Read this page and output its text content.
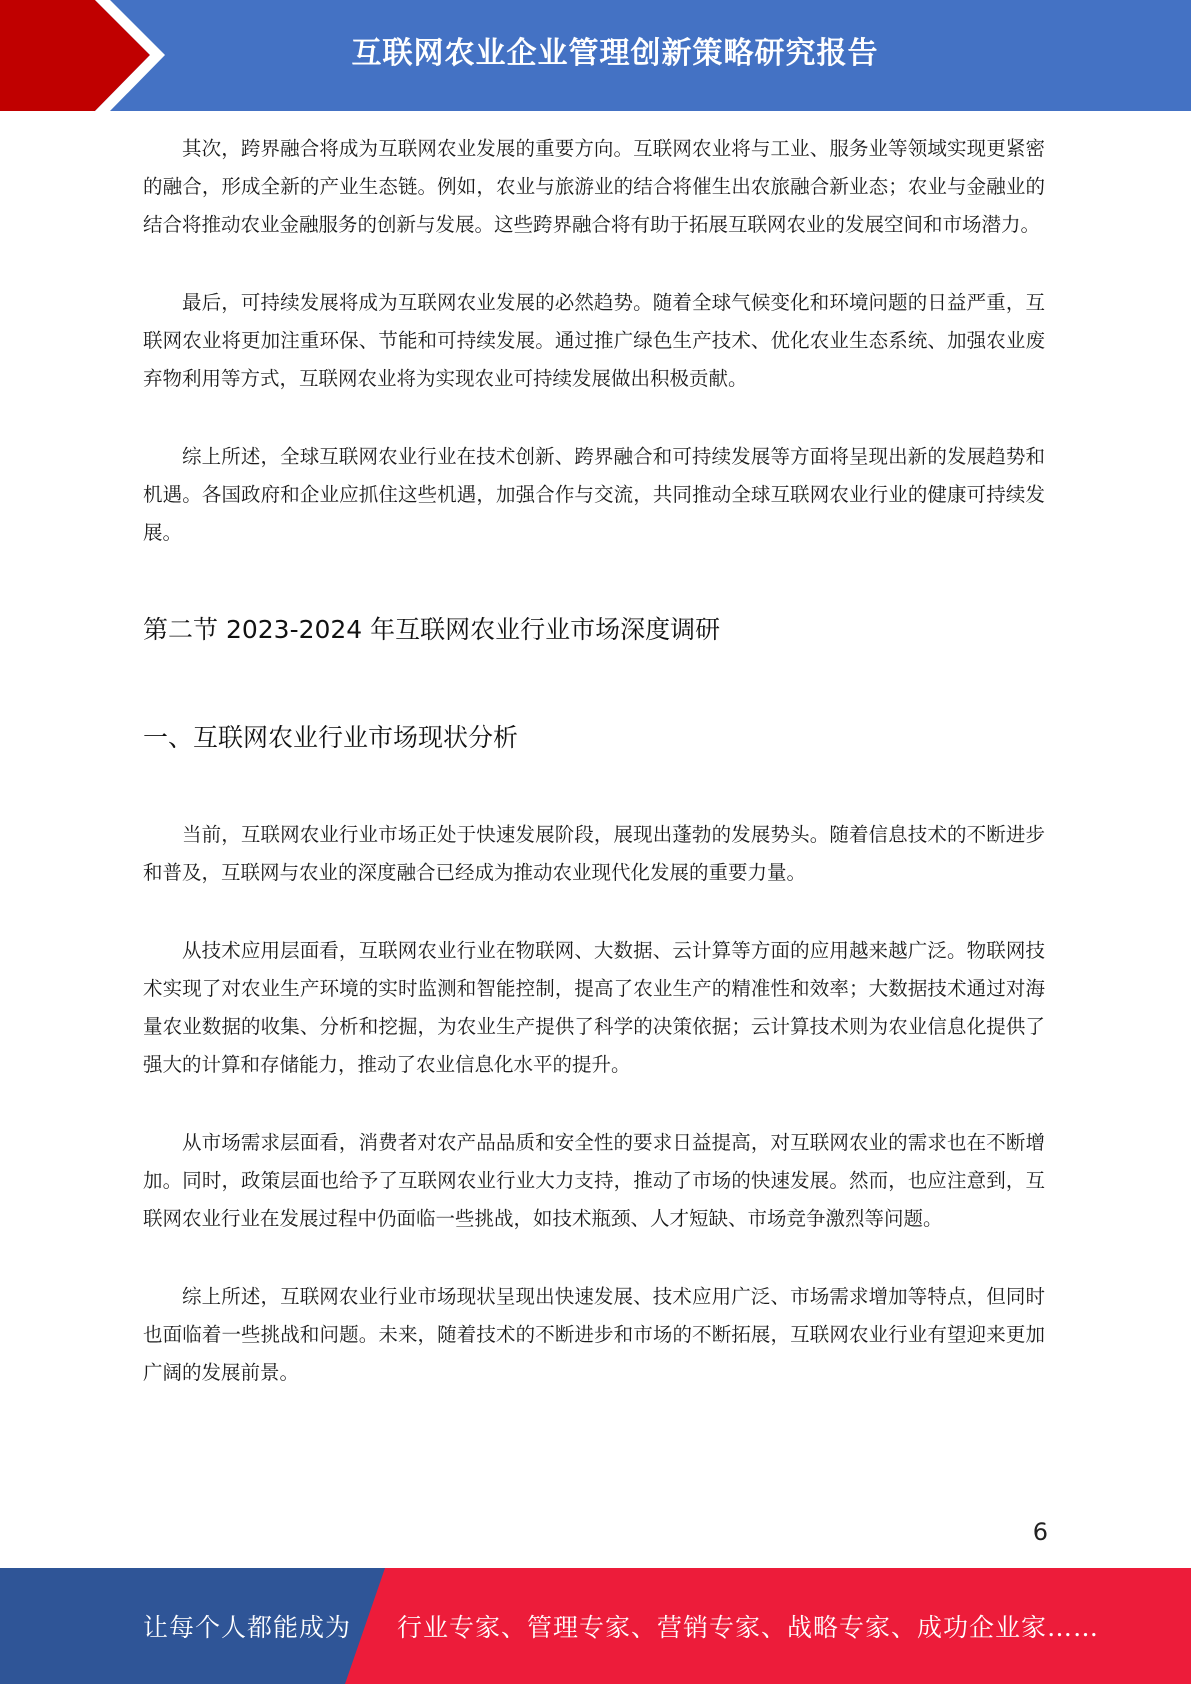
互联网农业企业管理创新策略研究报告

其次，跨界融合将成为互联网农业发展的重要方向。互联网农业将与工业、服务业等领域实现更紧密的融合，形成全新的产业生态链。例如，农业与旅游业的结合将催生出农旅融合新业态；农业与金融业的结合将推动农业金融服务的创新与发展。这些跨界融合将有助于拓展互联网农业的发展空间和市场潜力。

最后，可持续发展将成为互联网农业发展的必然趋势。随着全球气候变化和环境问题的日益严重，互联网农业将更加注重环保、节能和可持续发展。通过推广绿色生产技术、优化农业生态系统、加强农业废弃物利用等方式，互联网农业将为实现农业可持续发展做出积极贡献。

综上所述，全球互联网农业行业在技术创新、跨界融合和可持续发展等方面将呈现出新的发展趋势和机遇。各国政府和企业应抓住这些机遇，加强合作与交流，共同推动全球互联网农业行业的健康可持续发展。

第二节 2023-2024 年互联网农业行业市场深度调研
一、互联网农业行业市场现状分析

当前，互联网农业行业市场正处于快速发展阶段，展现出蓬勃的发展势头。随着信息技术的不断进步和普及，互联网与农业的深度融合已经成为推动农业现代化发展的重要力量。

从技术应用层面看，互联网农业行业在物联网、大数据、云计算等方面的应用越来越广泛。物联网技术实现了对农业生产环境的实时监测和智能控制，提高了农业生产的精准性和效率；大数据技术通过对海量农业数据的收集、分析和挖掘，为农业生产提供了科学的决策依据；云计算技术则为农业信息化提供了强大的计算和存储能力，推动了农业信息化水平的提升。

从市场需求层面看，消费者对农产品品质和安全性的要求日益提高，对互联网农业的需求也在不断增加。同时，政策层面也给予了互联网农业行业大力支持，推动了市场的快速发展。然而，也应注意到，互联网农业行业在发展过程中仍面临一些挑战，如技术瓶颈、人才短缺、市场竞争激烈等问题。

综上所述，互联网农业行业市场现状呈现出快速发展、技术应用广泛、市场需求增加等特点，但同时也面临着一些挑战和问题。未来，随着技术的不断进步和市场的不断拓展，互联网农业行业有望迎来更加广阔的发展前景。

6
让每个人都能成为 行业专家、管理专家、营销专家、战略专家、成功企业家……
